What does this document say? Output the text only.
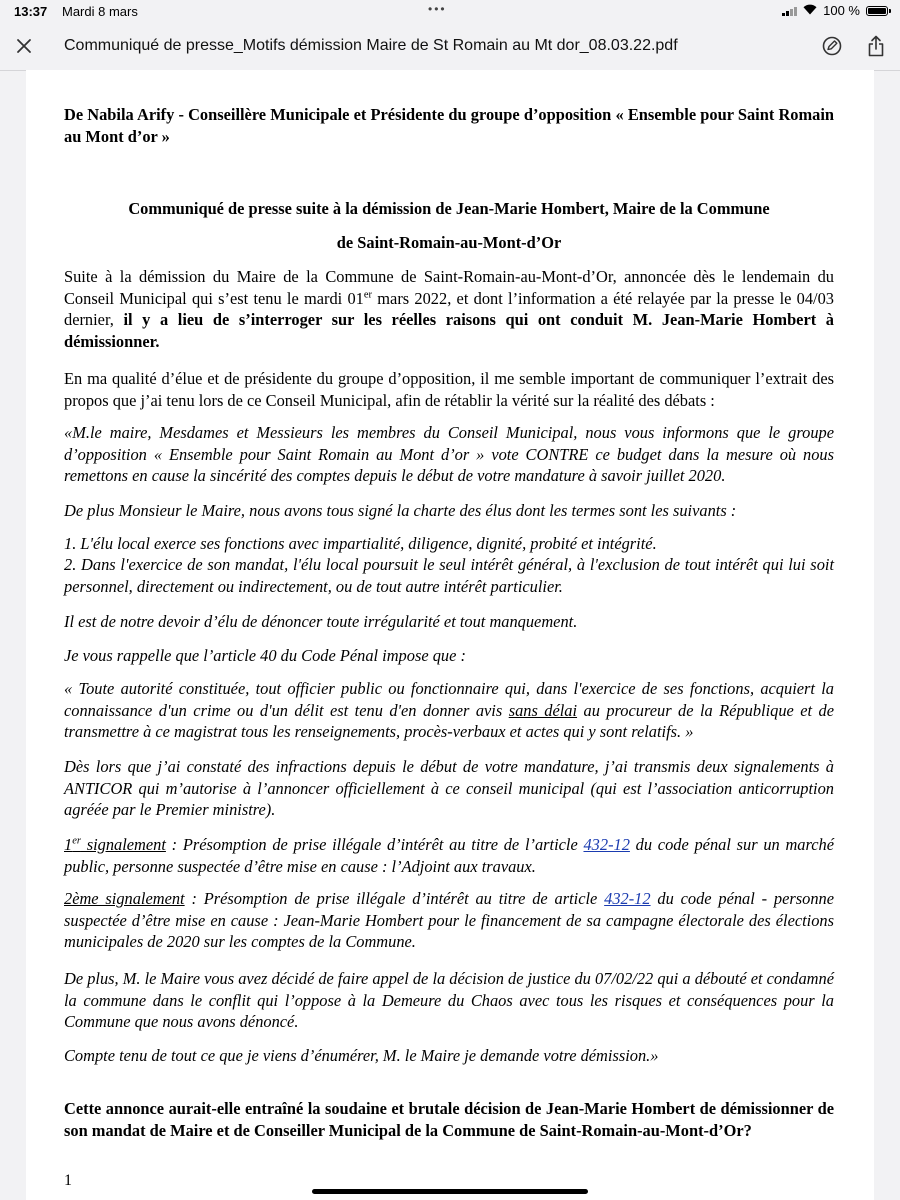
13:37 Mardi 8 mars	•••	100 %
Communiqué de presse_Motifs démission Maire de St Romain au Mt dor_08.03.22.pdf

De Nabila Arify - Conseillère Municipale et Présidente du groupe d’opposition « Ensemble pour Saint Romain au Mont d’or »

Communiqué de presse suite à la démission de Jean-Marie Hombert, Maire de la Commune

de Saint-Romain-au-Mont-d’Or

Suite à la démission du Maire de la Commune de Saint-Romain-au-Mont-d’Or, annoncée dès le lendemain du Conseil Municipal qui s’est tenu le mardi 01er mars 2022, et dont l’information a été relayée par la presse le 04/03 dernier, il y a lieu de s’interroger sur les réelles raisons qui ont conduit M. Jean-Marie Hombert à démissionner.

En ma qualité d’élue et de présidente du groupe d’opposition, il me semble important de communiquer l’extrait des propos que j’ai tenu lors de ce Conseil Municipal, afin de rétablir la vérité sur la réalité des débats :

«M.le maire, Mesdames et Messieurs les membres du Conseil Municipal, nous vous informons que le groupe d’opposition « Ensemble pour Saint Romain au Mont d’or » vote CONTRE ce budget dans la mesure où nous remettons en cause la sincérité des comptes depuis le début de votre mandature à savoir juillet 2020.

De plus Monsieur le Maire, nous avons tous signé la charte des élus dont les termes sont les suivants :

1. L'élu local exerce ses fonctions avec impartialité, diligence, dignité, probité et intégrité.

2. Dans l'exercice de son mandat, l'élu local poursuit le seul intérêt général, à l'exclusion de tout intérêt qui lui soit personnel, directement ou indirectement, ou de tout autre intérêt particulier.

Il est de notre devoir d’élu de dénoncer toute irrégularité et tout manquement.

Je vous rappelle que l’article 40 du Code Pénal impose que :

« Toute autorité constituée, tout officier public ou fonctionnaire qui, dans l'exercice de ses fonctions, acquiert la connaissance d'un crime ou d'un délit est tenu d'en donner avis sans délai au procureur de la République et de transmettre à ce magistrat tous les renseignements, procès-verbaux et actes qui y sont relatifs. »

Dès lors que j’ai constaté des infractions depuis le début de votre mandature, j’ai transmis deux signalements à ANTICOR qui m’autorise à l’annoncer officiellement à ce conseil municipal (qui est l’association anticorruption agréée par le Premier ministre).

1er signalement : Présomption de prise illégale d’intérêt au titre de l’article 432-12 du code pénal sur un marché public, personne suspectée d’être mise en cause : l’Adjoint aux travaux.

2ème signalement : Présomption de prise illégale d’intérêt au titre de article 432-12 du code pénal - personne suspectée d’être mise en cause : Jean-Marie Hombert pour le financement de sa campagne électorale des élections municipales de 2020 sur les comptes de la Commune.

De plus, M. le Maire vous avez décidé de faire appel de la décision de justice du 07/02/22 qui a débouté et condamné la commune dans le conflit qui l’oppose à la Demeure du Chaos avec tous les risques et conséquences pour la Commune que nous avons dénoncé.

Compte tenu de tout ce que je viens d’énumérer, M. le Maire je demande votre démission.»

Cette annonce aurait-elle entraîné la soudaine et brutale décision de Jean-Marie Hombert de démissionner de son mandat de Maire et de Conseiller Municipal de la Commune de Saint-Romain-au-Mont-d’Or?

1
